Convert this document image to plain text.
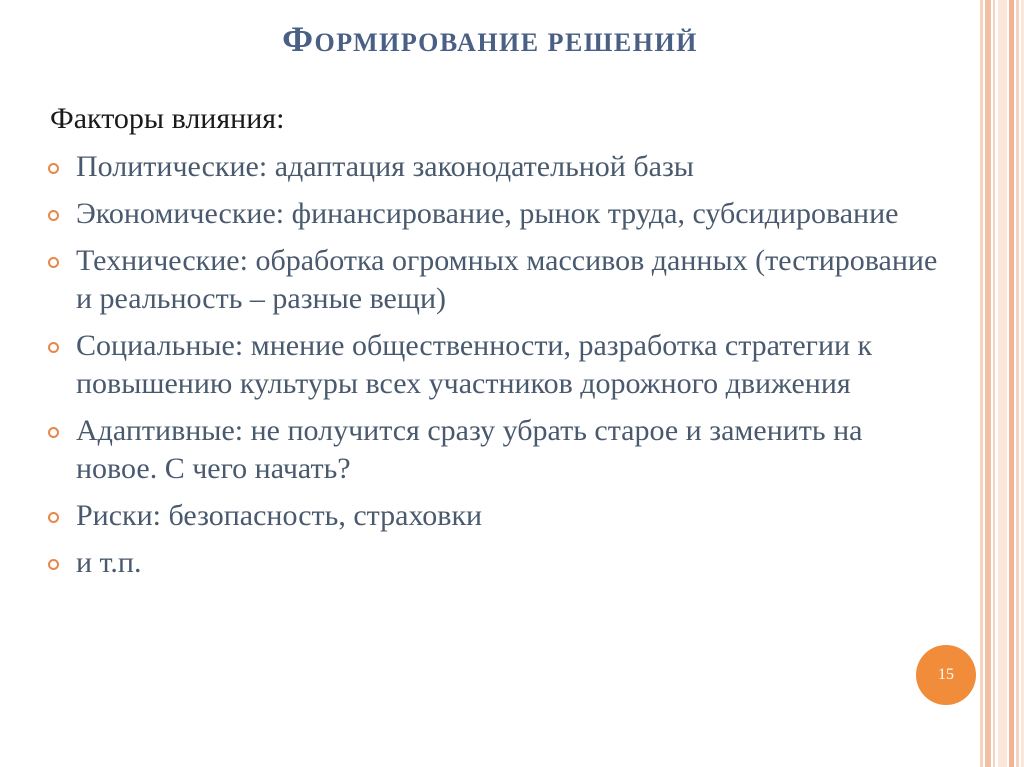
ФОРМИРОВАНИЕ РЕШЕНИЙ
Факторы влияния:
Политические: адаптация законодательной базы
Экономические: финансирование, рынок труда, субсидирование
Технические: обработка огромных массивов данных (тестирование и реальность – разные вещи)
Социальные: мнение общественности, разработка стратегии к повышению культуры всех участников дорожного движения
Адаптивные: не получится сразу убрать старое и заменить на новое. С чего начать?
Риски: безопасность, страховки
и т.п.
15
